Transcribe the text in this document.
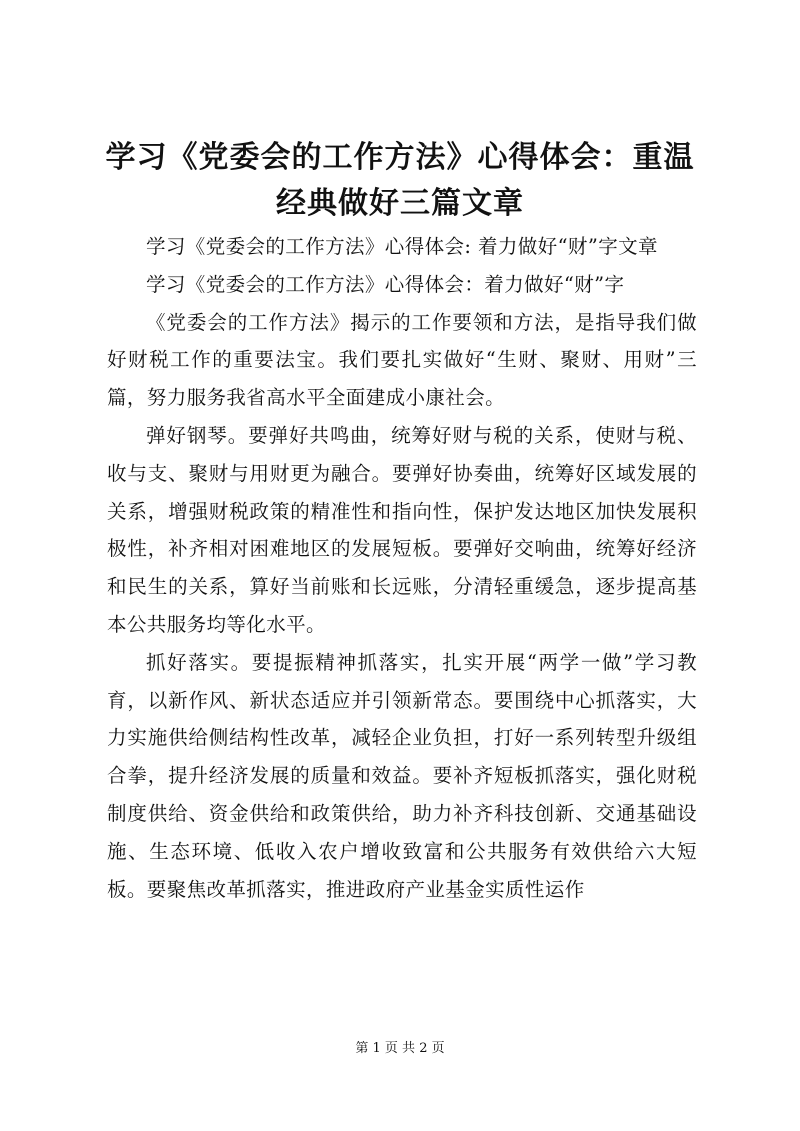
学习《党委会的工作方法》心得体会：重温经典做好三篇文章

学习《党委会的工作方法》心得体会: 着力做好“财”字文章

学习《党委会的工作方法》心得体会：着力做好“财”字

《党委会的工作方法》揭示的工作要领和方法，是指导我们做好财税工作的重要法宝。我们要扎实做好“生财、聚财、用财”三篇，努力服务我省高水平全面建成小康社会。

弹好钢琴。要弹好共鸣曲，统筹好财与税的关系，使财与税、收与支、聚财与用财更为融合。要弹好协奏曲，统筹好区域发展的关系，增强财税政策的精准性和指向性，保护发达地区加快发展积极性，补齐相对困难地区的发展短板。要弹好交响曲，统筹好经济和民生的关系，算好当前账和长远账，分清轻重缓急，逐步提高基本公共服务均等化水平。

抓好落实。要提振精神抓落实，扎实开展“两学一做”学习教育，以新作风、新状态适应并引领新常态。要围绕中心抓落实，大力实施供给侧结构性改革，减轻企业负担，打好一系列转型升级组合拳，提升经济发展的质量和效益。要补齐短板抓落实，强化财税制度供给、资金供给和政策供给，助力补齐科技创新、交通基础设施、生态环境、低收入农户增收致富和公共服务有效供给六大短板。要聚焦改革抓落实，推进政府产业基金实质性运作

第 1 页 共 2 页
